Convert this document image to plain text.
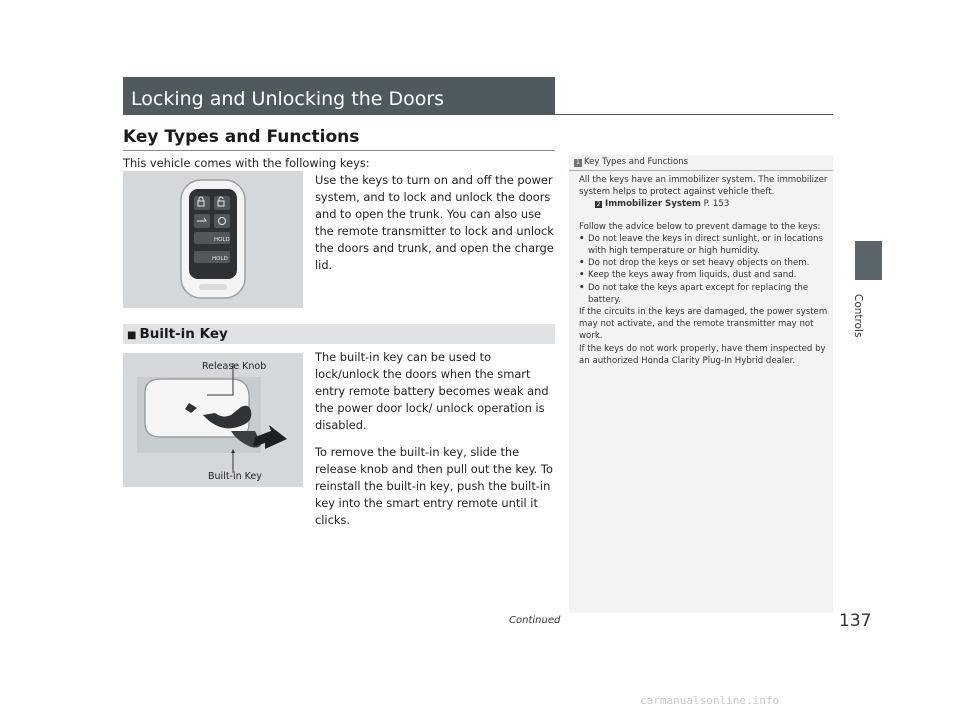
Locking and Unlocking the Doors
Key Types and Functions
This vehicle comes with the following keys:
HOLD
HOLD
Use the keys to turn on and off the power system, and to lock and unlock the doors and to open the trunk. You can also use the remote transmitter to lock and unlock the doors and trunk, and open the charge lid.
■ Built-in Key
Release Knob
Built-in Key

The built-in key can be used to lock/unlock the doors when the smart entry remote battery becomes weak and the power door lock/ unlock operation is disabled.

To remove the built-in key, slide the release knob and then pull out the key. To reinstall the built-in key, push the built-in key into the smart entry remote until it clicks.

1 Key Types and Functions

All the keys have an immobilizer system. The immobilizer system helps to protect against vehicle theft.

2 Immobilizer System P. 153

Follow the advice below to prevent damage to the keys:

• Do not leave the keys in direct sunlight, or in locations with high temperature or high humidity.
• Do not drop the keys or set heavy objects on them.
• Keep the keys away from liquids, dust and sand.
• Do not take the keys apart except for replacing the battery.

If the circuits in the keys are damaged, the power system may not activate, and the remote transmitter may not work.

If the keys do not work properly, have them inspected by an authorized Honda Clarity Plug-In Hybrid dealer.

Controls
Continued	137
carmanualsonline.info
